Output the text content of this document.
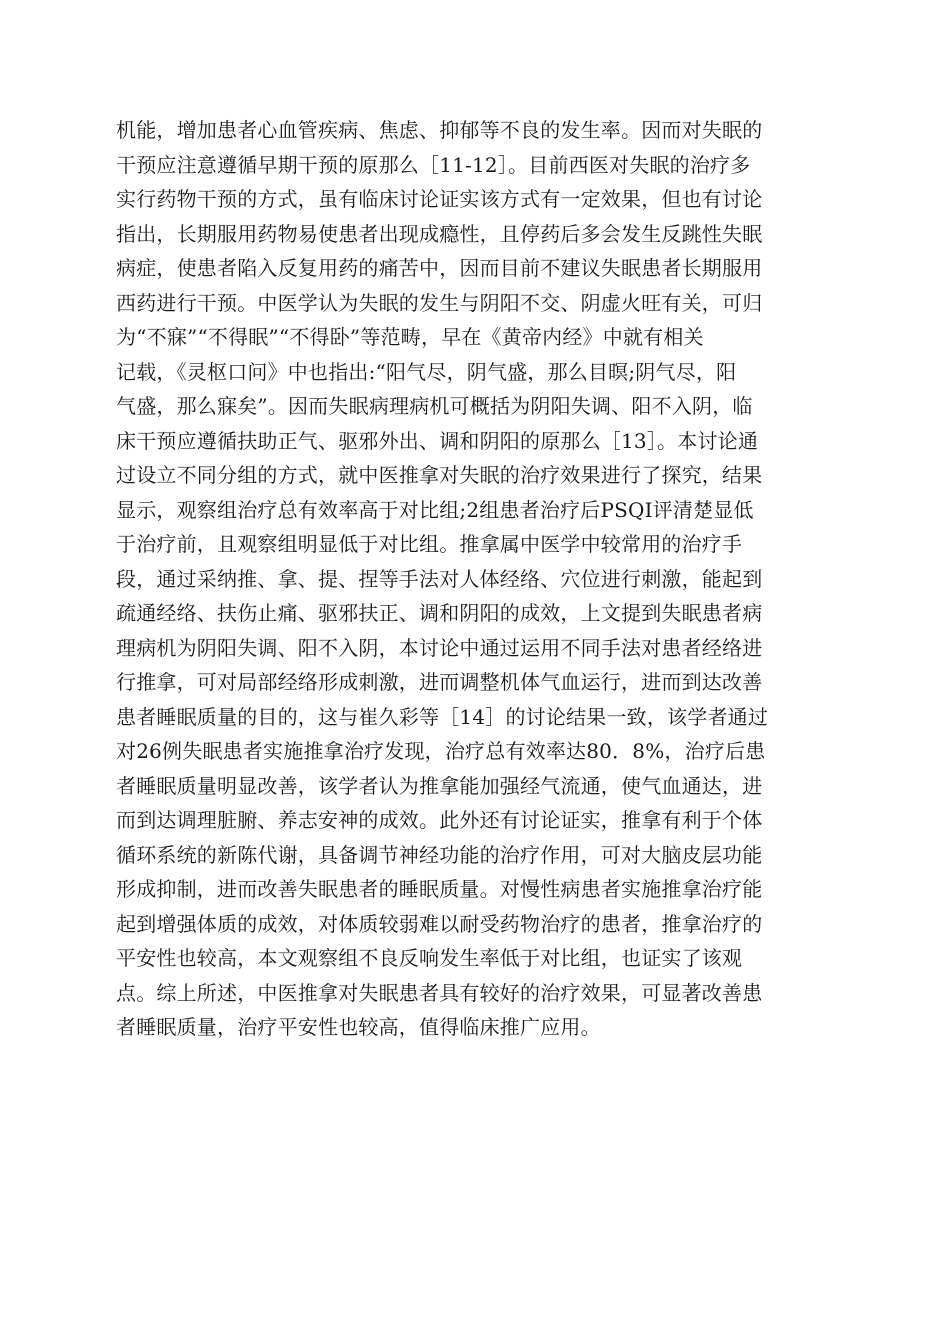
机能，增加患者心血管疾病、焦虑、抑郁等不良的发生率。因而对失眠的
干预应注意遵循早期干预的原那么［11-12］。目前西医对失眠的治疗多
实行药物干预的方式，虽有临床讨论证实该方式有一定效果，但也有讨论
指出，长期服用药物易使患者出现成瘾性，且停药后多会发生反跳性失眠
病症，使患者陷入反复用药的痛苦中，因而目前不建议失眠患者长期服用
西药进行干预。中医学认为失眠的发生与阴阳不交、阴虚火旺有关，可归
为“不寐”“不得眠”“不得卧”等范畴，早在《黄帝内经》中就有相关
记载，《灵枢口问》中也指出:“阳气尽，阴气盛，那么目暝;阴气尽，阳
气盛，那么寐矣”。因而失眠病理病机可概括为阴阳失调、阳不入阴，临
床干预应遵循扶助正气、驱邪外出、调和阴阳的原那么［13］。本讨论通
过设立不同分组的方式，就中医推拿对失眠的治疗效果进行了探究，结果
显示，观察组治疗总有效率高于对比组;2组患者治疗后PSQI评清楚显低
于治疗前，且观察组明显低于对比组。推拿属中医学中较常用的治疗手
段，通过采纳推、拿、提、捏等手法对人体经络、穴位进行刺激，能起到
疏通经络、扶伤止痛、驱邪扶正、调和阴阳的成效，上文提到失眠患者病
理病机为阴阳失调、阳不入阴，本讨论中通过运用不同手法对患者经络进
行推拿，可对局部经络形成刺激，进而调整机体气血运行，进而到达改善
患者睡眠质量的目的，这与崔久彩等［14］的讨论结果一致，该学者通过
对26例失眠患者实施推拿治疗发现，治疗总有效率达80．8%，治疗后患
者睡眠质量明显改善，该学者认为推拿能加强经气流通，使气血通达，进
而到达调理脏腑、养志安神的成效。此外还有讨论证实，推拿有利于个体
循环系统的新陈代谢，具备调节神经功能的治疗作用，可对大脑皮层功能
形成抑制，进而改善失眠患者的睡眠质量。对慢性病患者实施推拿治疗能
起到增强体质的成效，对体质较弱难以耐受药物治疗的患者，推拿治疗的
平安性也较高，本文观察组不良反响发生率低于对比组，也证实了该观
点。综上所述，中医推拿对失眠患者具有较好的治疗效果，可显著改善患
者睡眠质量，治疗平安性也较高，值得临床推广应用。
